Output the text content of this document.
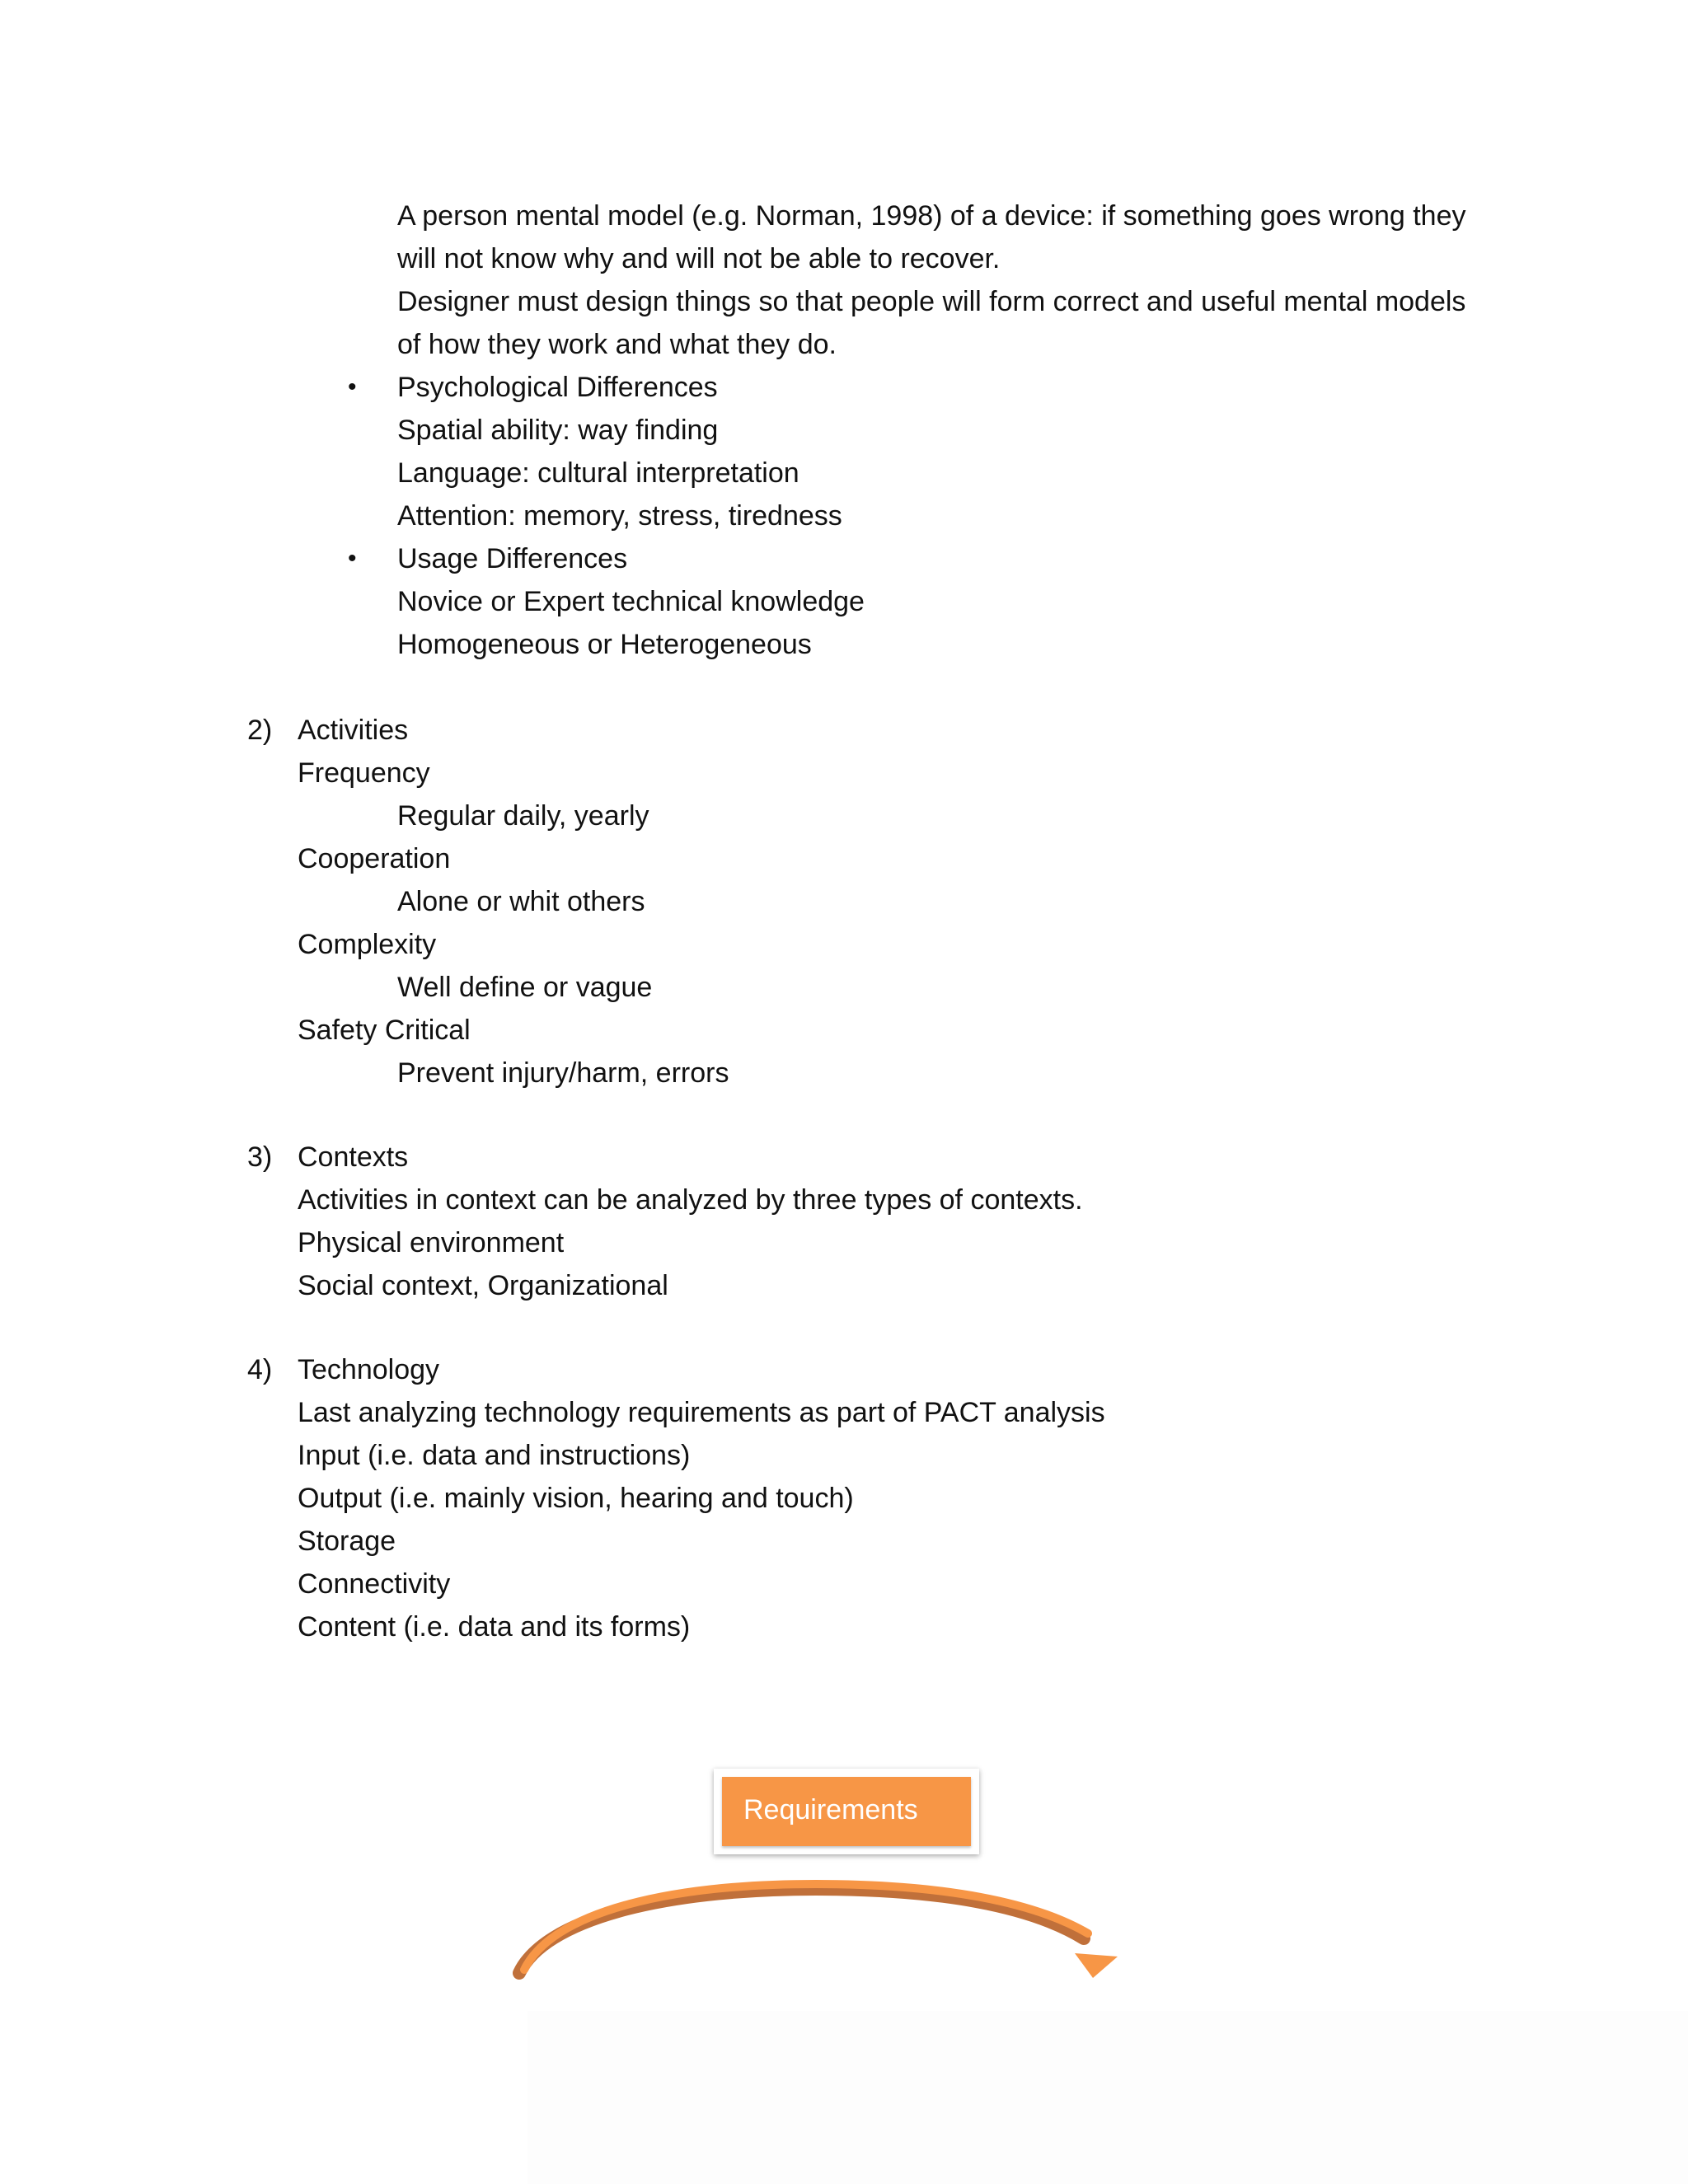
A person mental model (e.g. Norman, 1998) of a device: if something goes wrong they
will not know why and will not be able to recover.
Designer must design things so that people will form correct and useful mental models
of how they work and what they do.
• Psychological Differences
Spatial ability: way finding
Language: cultural interpretation
Attention: memory, stress, tiredness
• Usage Differences
Novice or Expert technical knowledge
Homogeneous or Heterogeneous
2) Activities
Frequency
Regular daily, yearly
Cooperation
Alone or whit others
Complexity
Well define or vague
Safety Critical
Prevent injury/harm, errors
3) Contexts
Activities in context can be analyzed by three types of contexts.
Physical environment
Social context, Organizational
4) Technology
Last analyzing technology requirements as part of PACT analysis
Input (i.e. data and instructions)
Output (i.e. mainly vision, hearing and touch)
Storage
Connectivity
Content (i.e. data and its forms)
Requirements
